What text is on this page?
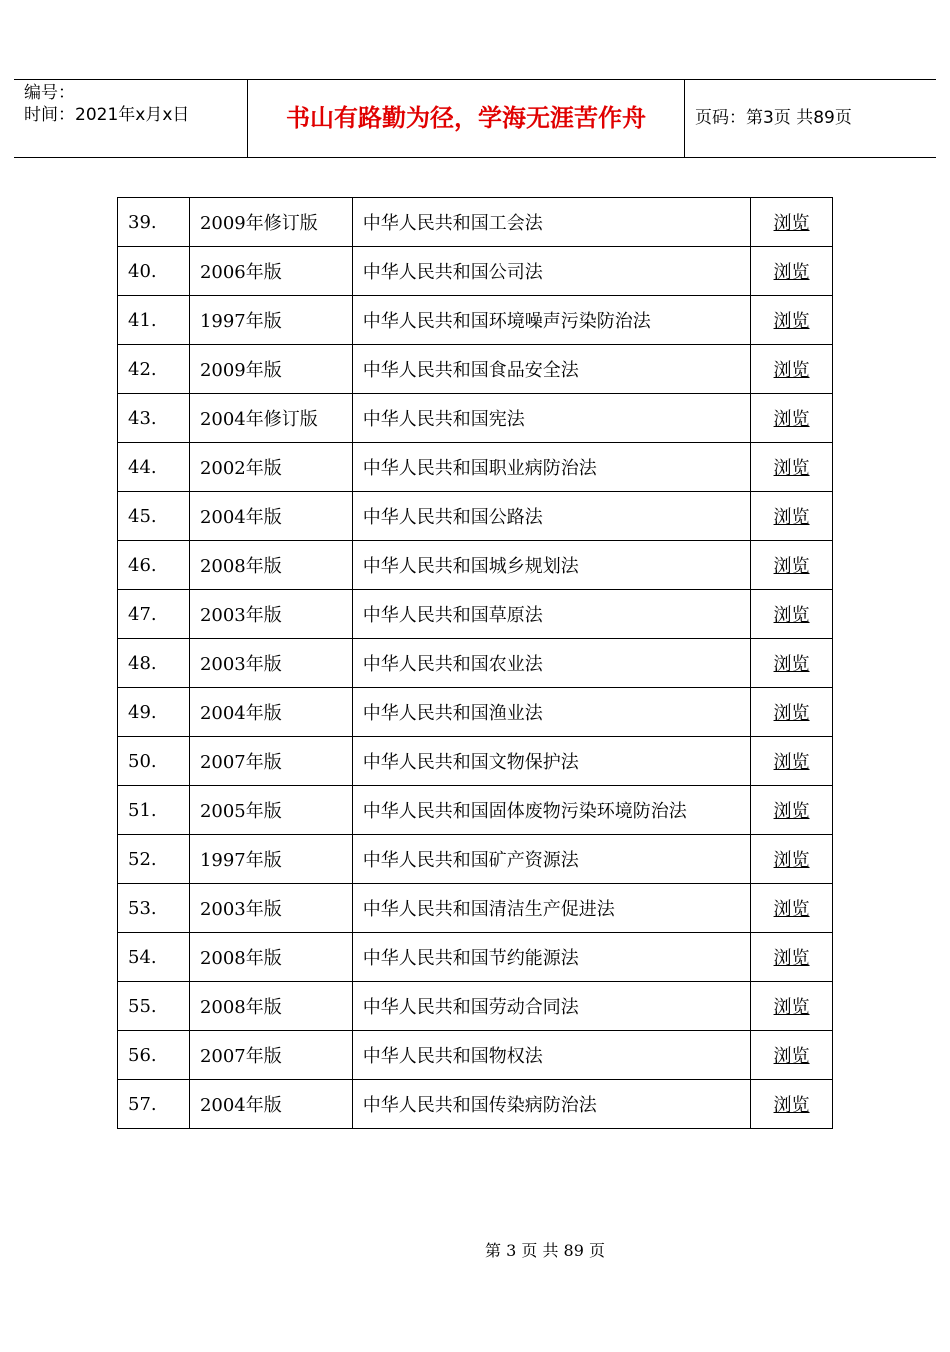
编号：
时间：2021年x月x日	书山有路勤为径，学海无涯苦作舟	页码：第3页 共89页
39.	2009年修订版	中华人民共和国工会法	浏览
40.	2006年版	中华人民共和国公司法	浏览
41.	1997年版	中华人民共和国环境噪声污染防治法	浏览
42.	2009年版	中华人民共和国食品安全法	浏览
43.	2004年修订版	中华人民共和国宪法	浏览
44.	2002年版	中华人民共和国职业病防治法	浏览
45.	2004年版	中华人民共和国公路法	浏览
46.	2008年版	中华人民共和国城乡规划法	浏览
47.	2003年版	中华人民共和国草原法	浏览
48.	2003年版	中华人民共和国农业法	浏览
49.	2004年版	中华人民共和国渔业法	浏览
50.	2007年版	中华人民共和国文物保护法	浏览
51.	2005年版	中华人民共和国固体废物污染环境防治法	浏览
52.	1997年版	中华人民共和国矿产资源法	浏览
53.	2003年版	中华人民共和国清洁生产促进法	浏览
54.	2008年版	中华人民共和国节约能源法	浏览
55.	2008年版	中华人民共和国劳动合同法	浏览
56.	2007年版	中华人民共和国物权法	浏览
57.	2004年版	中华人民共和国传染病防治法	浏览
第 3 页 共 89 页
